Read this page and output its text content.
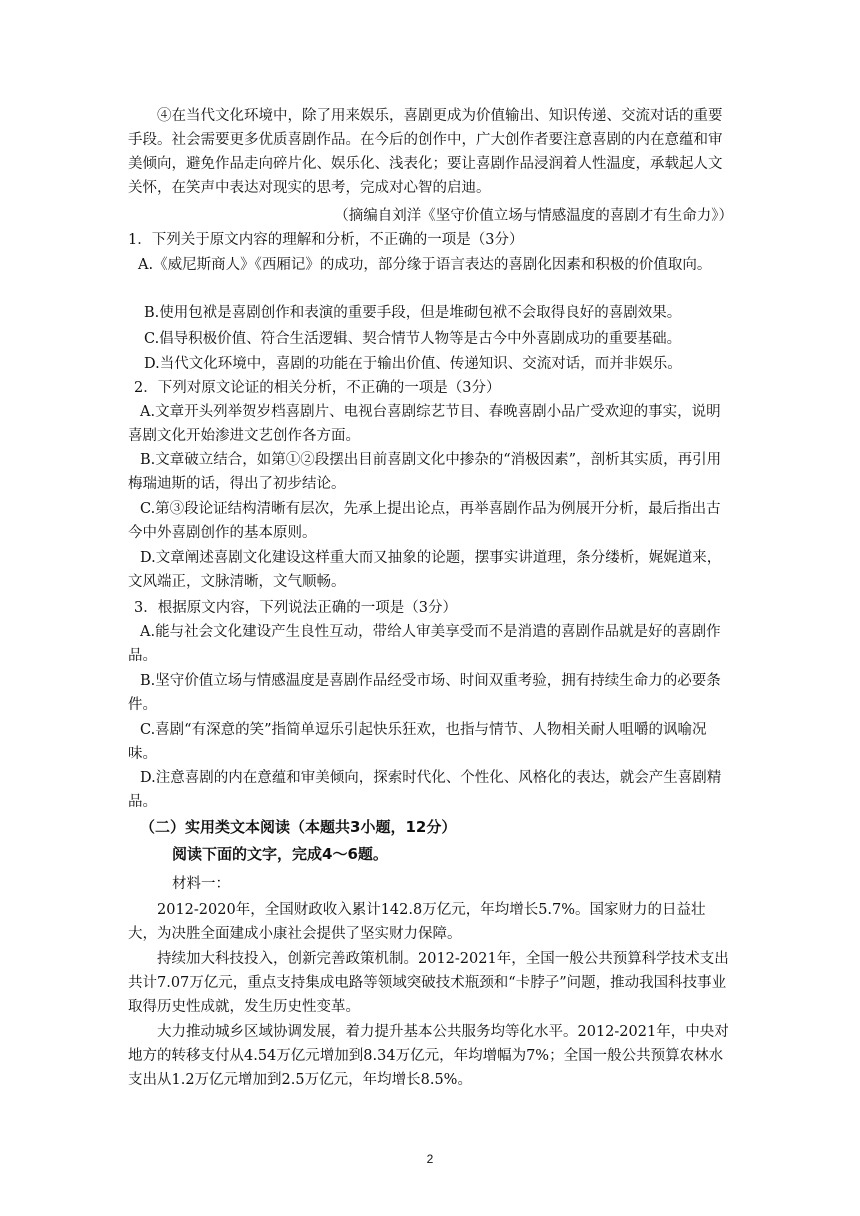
④在当代文化环境中，除了用来娱乐，喜剧更成为价值输出、知识传递、交流对话的重要手段。社会需要更多优质喜剧作品。在今后的创作中，广大创作者要注意喜剧的内在意蕴和审美倾向，避免作品走向碎片化、娱乐化、浅表化；要让喜剧作品浸润着人性温度，承载起人文关怀，在笑声中表达对现实的思考，完成对心智的启迪。

（摘编自刘洋《坚守价值立场与情感温度的喜剧才有生命力》）
1．下列关于原文内容的理解和分析，不正确的一项是（3分）

A.《威尼斯商人》《西厢记》的成功，部分缘于语言表达的喜剧化因素和积极的价值取向。

B.使用包袱是喜剧创作和表演的重要手段，但是堆砌包袱不会取得良好的喜剧效果。

C.倡导积极价值、符合生活逻辑、契合情节人物等是古今中外喜剧成功的重要基础。

D.当代文化环境中，喜剧的功能在于输出价值、传递知识、交流对话，而并非娱乐。

2．下列对原文论证的相关分析，不正确的一项是（3分）

A.文章开头列举贺岁档喜剧片、电视台喜剧综艺节目、春晚喜剧小品广受欢迎的事实，说明喜剧文化开始渗进文艺创作各方面。

B.文章破立结合，如第①②段摆出目前喜剧文化中掺杂的“消极因素”，剖析其实质，再引用梅瑞迪斯的话，得出了初步结论。

C.第③段论证结构清晰有层次，先承上提出论点，再举喜剧作品为例展开分析，最后指出古今中外喜剧创作的基本原则。

D.文章阐述喜剧文化建设这样重大而又抽象的论题，摆事实讲道理，条分缕析，娓娓道来，文风端正，文脉清晰，文气顺畅。

3．根据原文内容，下列说法正确的一项是（3分）

A.能与社会文化建设产生良性互动，带给人审美享受而不是消遣的喜剧作品就是好的喜剧作品。

B.坚守价值立场与情感温度是喜剧作品经受市场、时间双重考验，拥有持续生命力的必要条件。

C.喜剧“有深意的笑”指简单逗乐引起快乐狂欢，也指与情节、人物相关耐人咀嚼的讽喻况味。

D.注意喜剧的内在意蕴和审美倾向，探索时代化、个性化、风格化的表达，就会产生喜剧精品。

（二）实用类文本阅读（本题共3小题，12分）
阅读下面的文字，完成4～6题。
材料一：

2012-2020年，全国财政收入累计142.8万亿元，年均增长5.7%。国家财力的日益壮大，为决胜全面建成小康社会提供了坚实财力保障。

持续加大科技投入，创新完善政策机制。2012-2021年，全国一般公共预算科学技术支出共计7.07万亿元，重点支持集成电路等领域突破技术瓶颈和“卡脖子”问题，推动我国科技事业取得历史性成就，发生历史性变革。

大力推动城乡区域协调发展，着力提升基本公共服务均等化水平。2012-2021年，中央对地方的转移支付从4.54万亿元增加到8.34万亿元，年均增幅为7%；全国一般公共预算农林水支出从1.2万亿元增加到2.5万亿元，年均增长8.5%。

2
